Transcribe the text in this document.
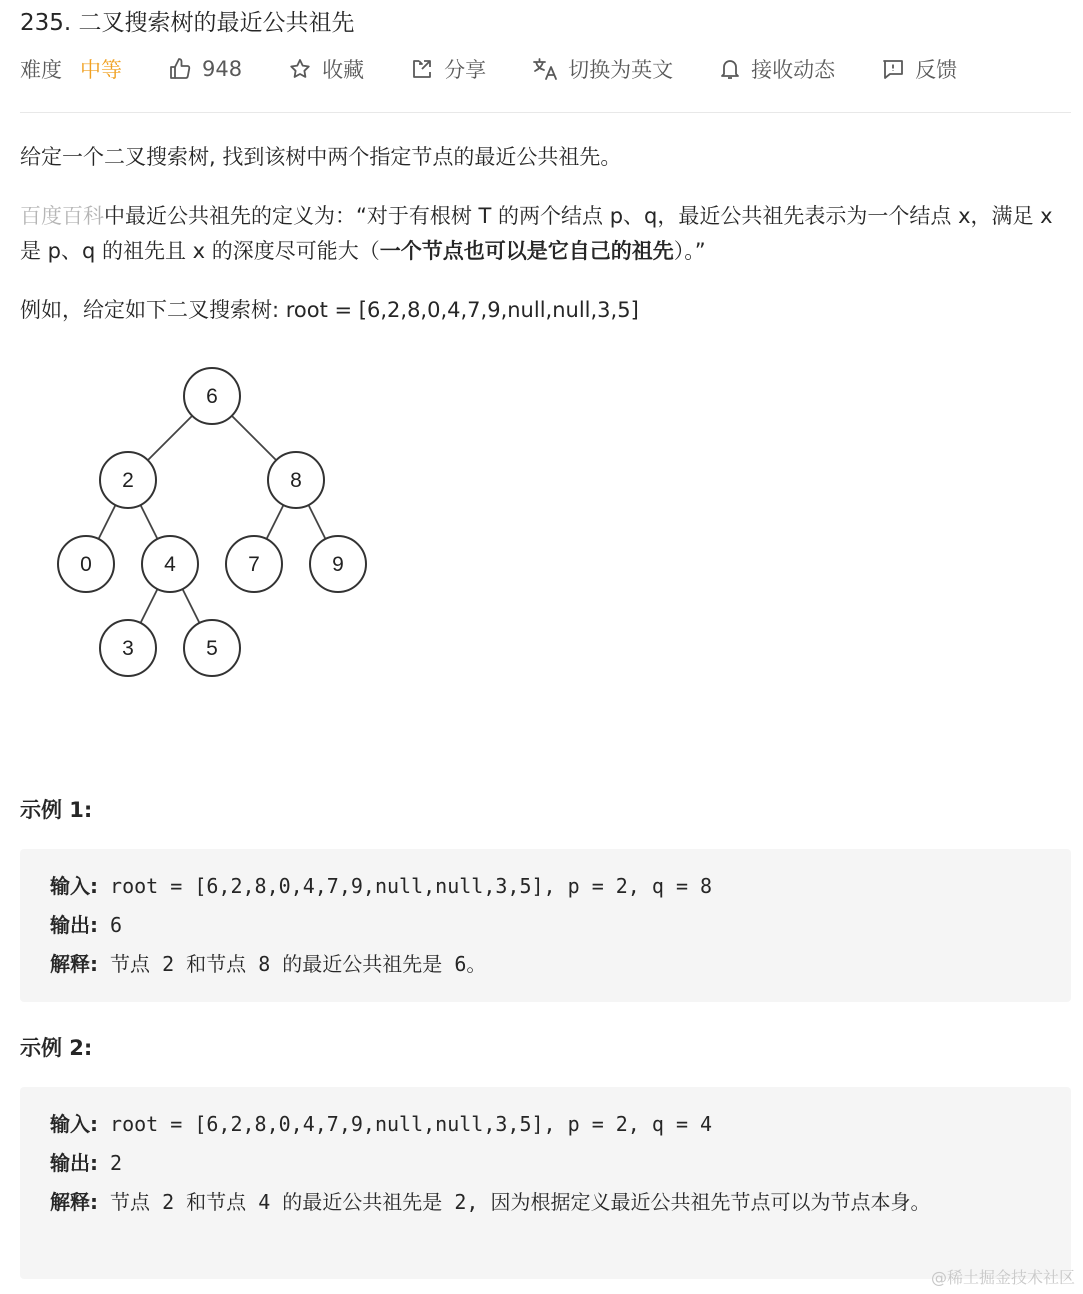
235. 二叉搜索树的最近公共祖先
难度 中等	948	收藏	分享	切换为英文	接收动态	反馈
给定一个二叉搜索树, 找到该树中两个指定节点的最近公共祖先。
百度百科中最近公共祖先的定义为：“对于有根树 T 的两个结点 p、q，最近公共祖先表示为一个结点 x，满足 x 是 p、q 的祖先且 x 的深度尽可能大（一个节点也可以是它自己的祖先）。”
例如，给定如下二叉搜索树: root = [6,2,8,0,4,7,9,null,null,3,5]
6
2	8
0	4	7	9
3	5
示例 1:
输入: root = [6,2,8,0,4,7,9,null,null,3,5], p = 2, q = 8
输出: 6
解释: 节点 2 和节点 8 的最近公共祖先是 6。
示例 2:
输入: root = [6,2,8,0,4,7,9,null,null,3,5], p = 2, q = 4
输出: 2
解释: 节点 2 和节点 4 的最近公共祖先是 2, 因为根据定义最近公共祖先节点可以为节点本身。
@稀土掘金技术社区
